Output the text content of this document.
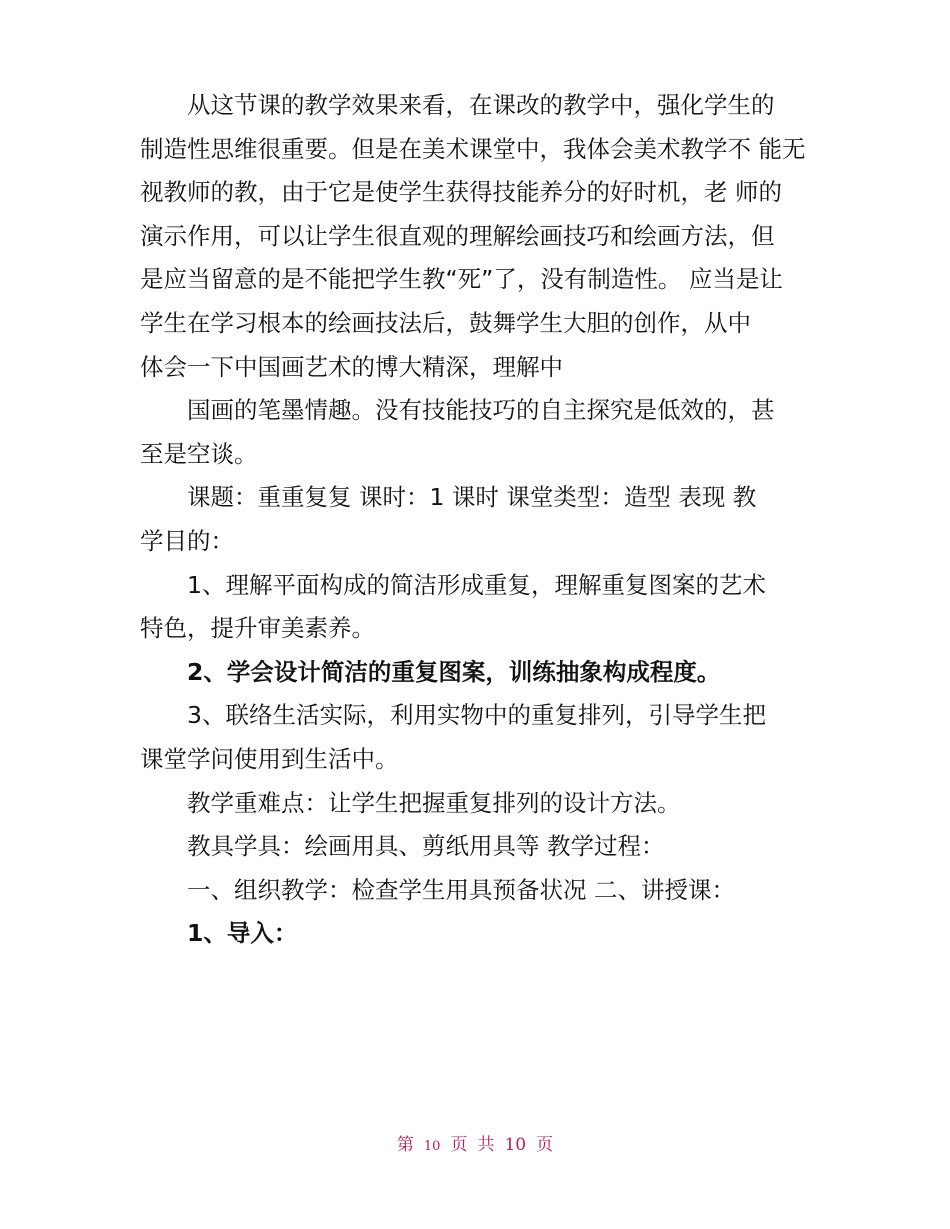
从这节课的教学效果来看，在课改的教学中，强化学生的
制造性思维很重要。但是在美术课堂中，我体会美术教学不 能无
视教师的教，由于它是使学生获得技能养分的好时机，老 师的
演示作用，可以让学生很直观的理解绘画技巧和绘画方法，但
是应当留意的是不能把学生教“死”了，没有制造性。 应当是让
学生在学习根本的绘画技法后，鼓舞学生大胆的创作，从中
体会一下中国画艺术的博大精深，理解中
国画的笔墨情趣。没有技能技巧的自主探究是低效的，甚
至是空谈。
课题：重重复复 课时：1 课时 课堂类型：造型 表现 教
学目的：
1、理解平面构成的简洁形成重复，理解重复图案的艺术
特色，提升审美素养。
2、学会设计简洁的重复图案，训练抽象构成程度。
3、联络生活实际，利用实物中的重复排列，引导学生把
课堂学问使用到生活中。
教学重难点：让学生把握重复排列的设计方法。
教具学具：绘画用具、剪纸用具等 教学过程：
一、组织教学：检查学生用具预备状况 二、讲授课：
1、导入：
第 10 页 共 10 页
